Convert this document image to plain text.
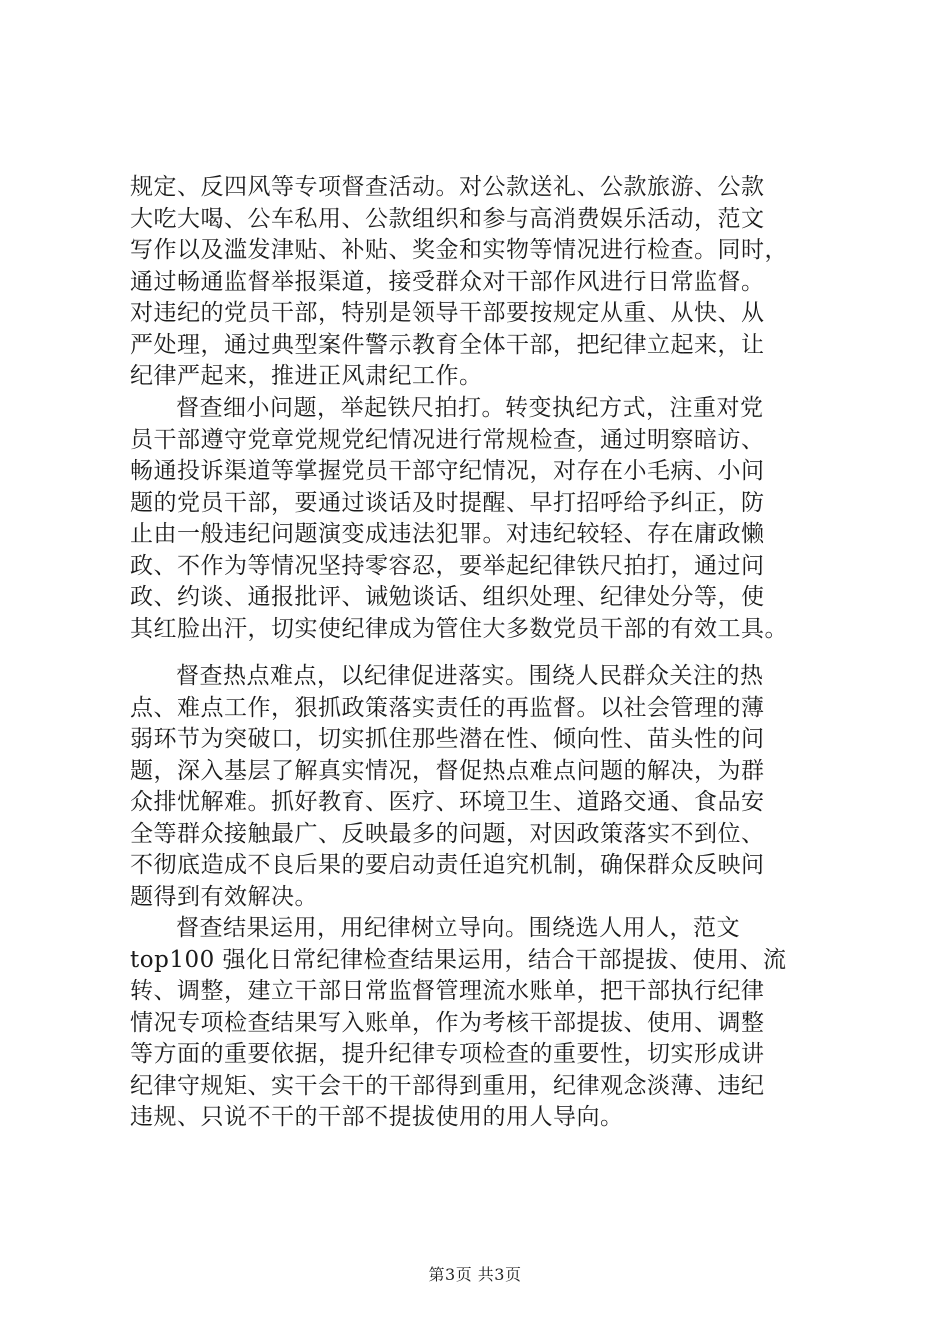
规定、反四风等专项督查活动。对公款送礼、公款旅游、公款
大吃大喝、公车私用、公款组织和参与高消费娱乐活动，范文
写作以及滥发津贴、补贴、奖金和实物等情况进行检查。同时，
通过畅通监督举报渠道，接受群众对干部作风进行日常监督。
对违纪的党员干部，特别是领导干部要按规定从重、从快、从
严处理，通过典型案件警示教育全体干部，把纪律立起来，让
纪律严起来，推进正风肃纪工作。
督查细小问题，举起铁尺拍打。转变执纪方式，注重对党
员干部遵守党章党规党纪情况进行常规检查，通过明察暗访、
畅通投诉渠道等掌握党员干部守纪情况，对存在小毛病、小问
题的党员干部，要通过谈话及时提醒、早打招呼给予纠正，防
止由一般违纪问题演变成违法犯罪。对违纪较轻、存在庸政懒
政、不作为等情况坚持零容忍，要举起纪律铁尺拍打，通过问
政、约谈、通报批评、诫勉谈话、组织处理、纪律处分等，使
其红脸出汗，切实使纪律成为管住大多数党员干部的有效工具。
督查热点难点，以纪律促进落实。围绕人民群众关注的热
点、难点工作，狠抓政策落实责任的再监督。以社会管理的薄
弱环节为突破口，切实抓住那些潜在性、倾向性、苗头性的问
题，深入基层了解真实情况，督促热点难点问题的解决，为群
众排忧解难。抓好教育、医疗、环境卫生、道路交通、食品安
全等群众接触最广、反映最多的问题，对因政策落实不到位、
不彻底造成不良后果的要启动责任追究机制，确保群众反映问
题得到有效解决。
督查结果运用，用纪律树立导向。围绕选人用人，范文
top100 强化日常纪律检查结果运用，结合干部提拔、使用、流
转、调整，建立干部日常监督管理流水账单，把干部执行纪律
情况专项检查结果写入账单，作为考核干部提拔、使用、调整
等方面的重要依据，提升纪律专项检查的重要性，切实形成讲
纪律守规矩、实干会干的干部得到重用，纪律观念淡薄、违纪
违规、只说不干的干部不提拔使用的用人导向。
第3页 共3页
